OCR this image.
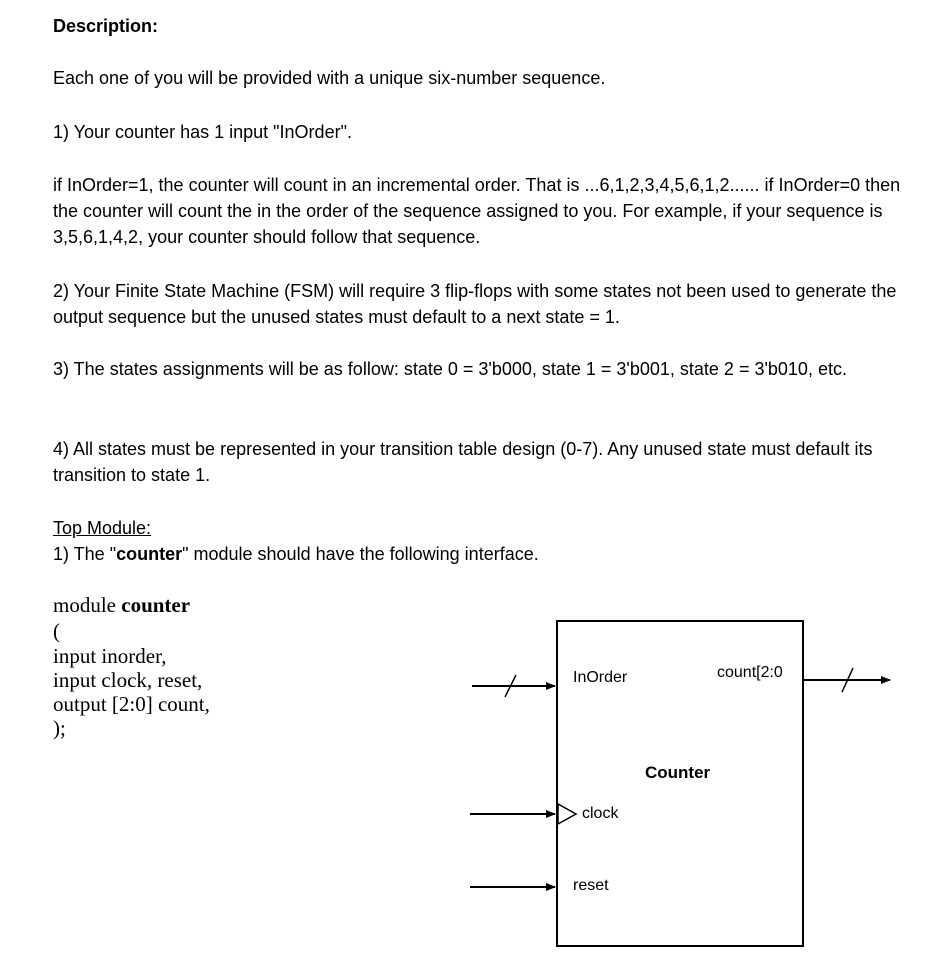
Description:
Each one of you will be provided with a unique six-number sequence.
1) Your counter has 1 input "InOrder".
if InOrder=1, the counter will count in an incremental order. That is ...6,1,2,3,4,5,6,1,2...... if InOrder=0 then the counter will count the in the order of the sequence assigned to you. For example, if your sequence is 3,5,6,1,4,2, your counter should follow that sequence.
2) Your Finite State Machine (FSM) will require 3 flip-flops with some states not been used to generate the output sequence but the unused states must default to a next state = 1.
3) The states assignments will be as follow: state 0 = 3'b000, state 1 = 3'b001, state 2 = 3'b010, etc.
4) All states must be represented in your transition table design (0-7). Any unused state must default its transition to state 1.
Top Module:
1) The "counter" module should have the following interface.
module counter
(
input inorder,
input clock, reset,
output [2:0] count,
);
InOrder	count[2:0
Counter
clock
reset
